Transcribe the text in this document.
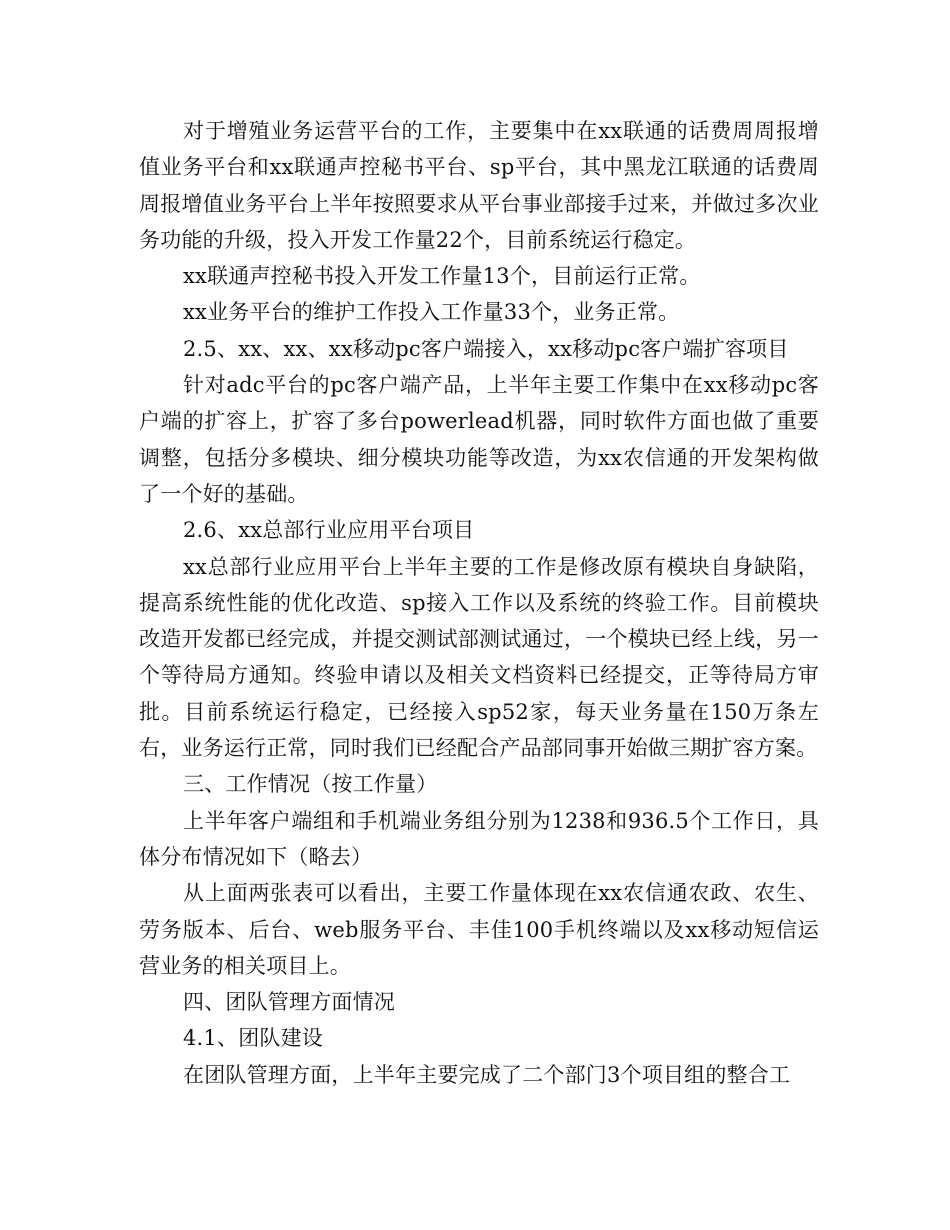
对于增殖业务运营平台的工作，主要集中在xx联通的话费周周报增值业务平台和xx联通声控秘书平台、sp平台，其中黑龙江联通的话费周周报增值业务平台上半年按照要求从平台事业部接手过来，并做过多次业务功能的升级，投入开发工作量22个，目前系统运行稳定。

xx联通声控秘书投入开发工作量13个，目前运行正常。

xx业务平台的维护工作投入工作量33个，业务正常。

2.5、xx、xx、xx移动pc客户端接入，xx移动pc客户端扩容项目

针对adc平台的pc客户端产品，上半年主要工作集中在xx移动pc客户端的扩容上，扩容了多台powerlead机器，同时软件方面也做了重要调整，包括分多模块、细分模块功能等改造，为xx农信通的开发架构做了一个好的基础。

2.6、xx总部行业应用平台项目

xx总部行业应用平台上半年主要的工作是修改原有模块自身缺陷，提高系统性能的优化改造、sp接入工作以及系统的终验工作。目前模块改造开发都已经完成，并提交测试部测试通过，一个模块已经上线，另一个等待局方通知。终验申请以及相关文档资料已经提交，正等待局方审批。目前系统运行稳定，已经接入sp52家，每天业务量在150万条左右，业务运行正常，同时我们已经配合产品部同事开始做三期扩容方案。

三、工作情况（按工作量）

上半年客户端组和手机端业务组分别为1238和936.5个工作日，具体分布情况如下（略去）

从上面两张表可以看出，主要工作量体现在xx农信通农政、农生、劳务版本、后台、web服务平台、丰佳100手机终端以及xx移动短信运营业务的相关项目上。

四、团队管理方面情况

4.1、团队建设

在团队管理方面，上半年主要完成了二个部门3个项目组的整合工
